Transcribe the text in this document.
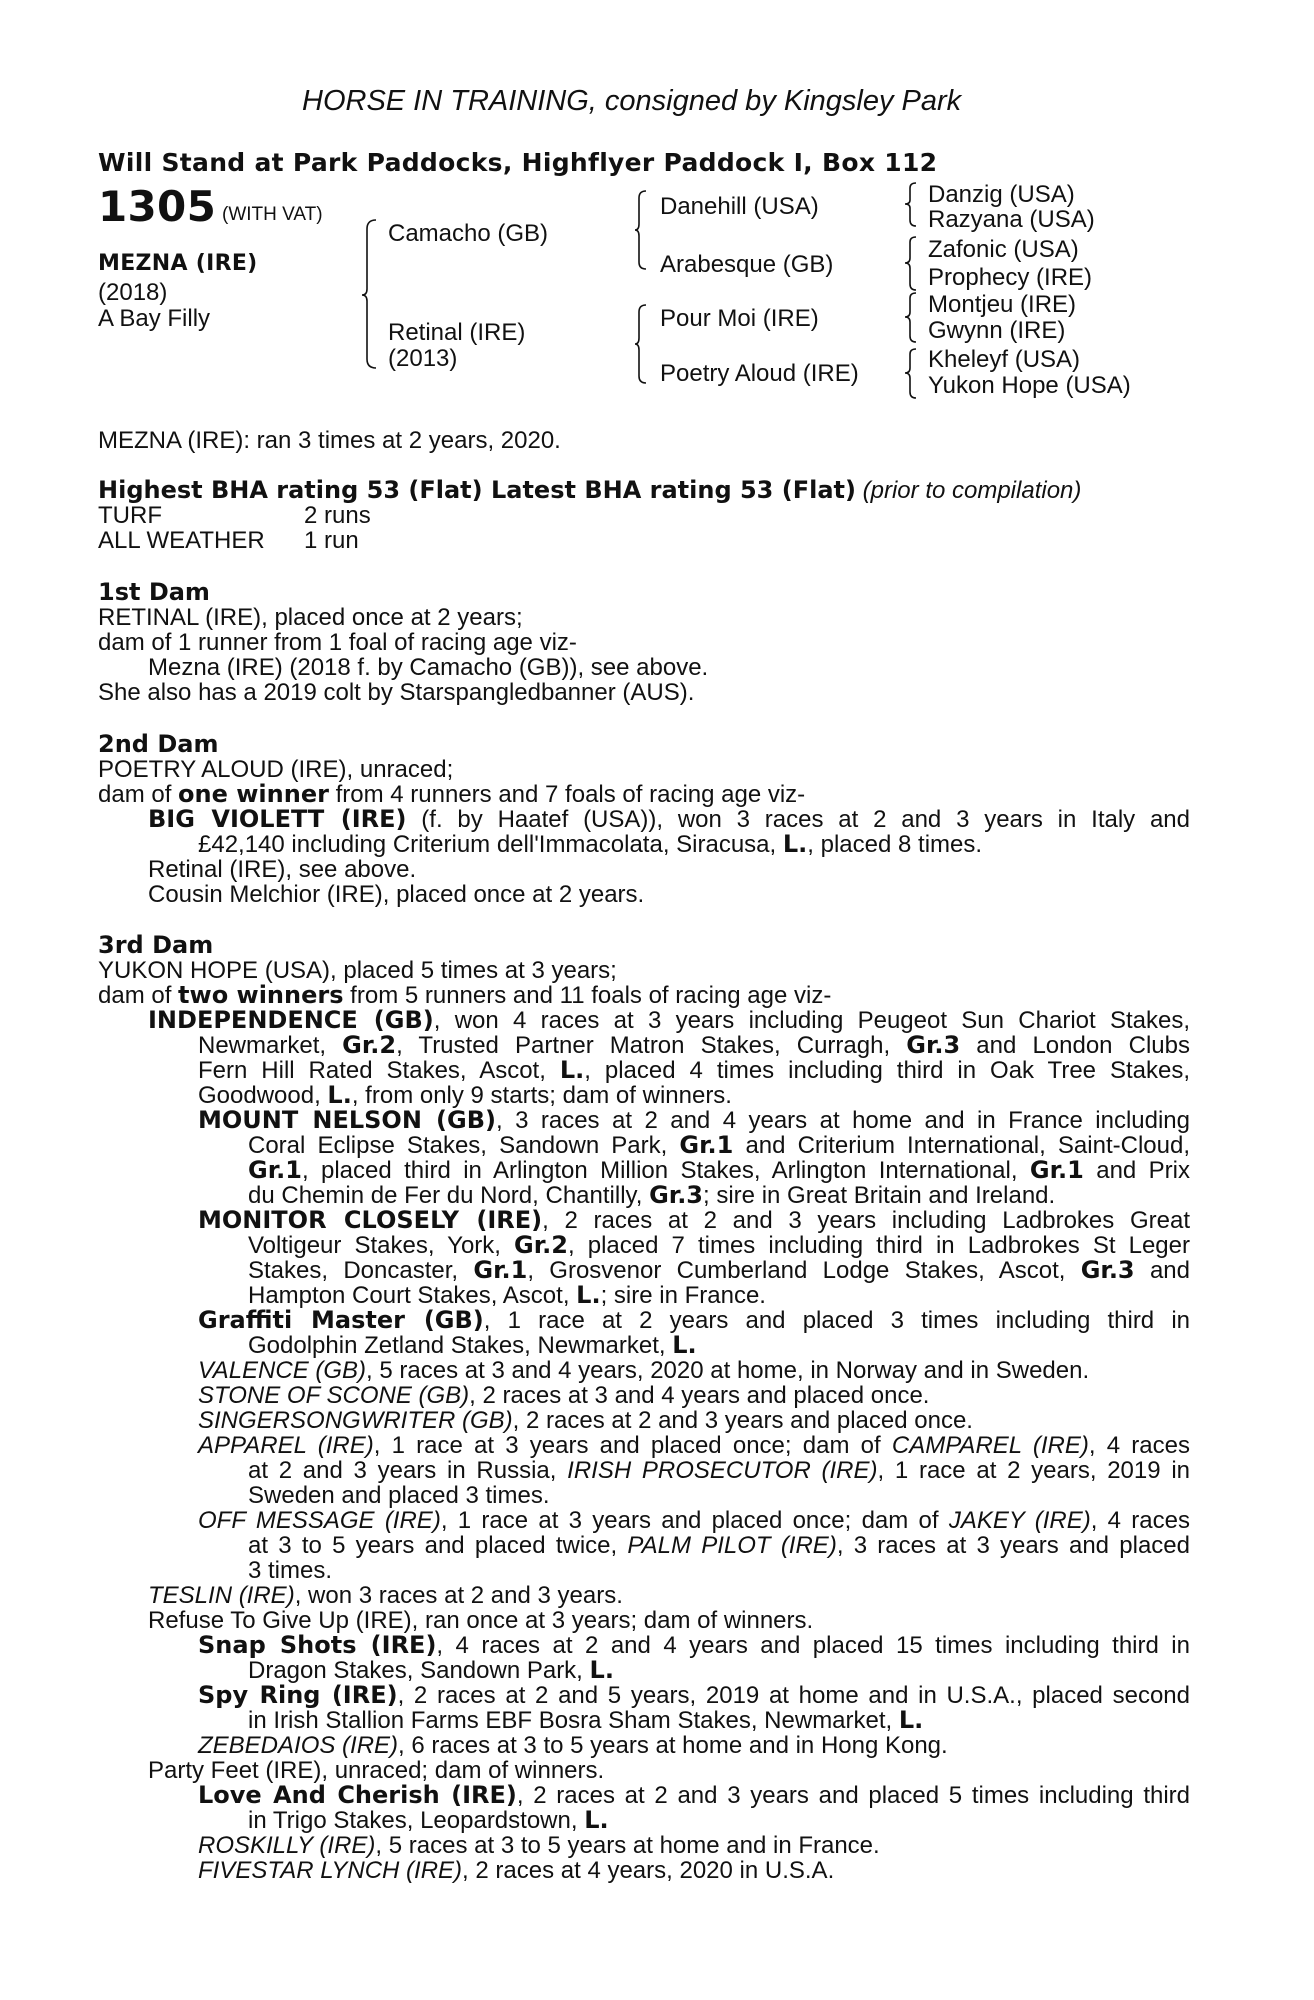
HORSE IN TRAINING, consigned by Kingsley Park
Will Stand at Park Paddocks, Highflyer Paddock I, Box 112
1305 (WITH VAT)
MEZNA (IRE)
(2018)
A Bay Filly
Camacho (GB)
Retinal (IRE)
(2013)
Danehill (USA)
Arabesque (GB)
Pour Moi (IRE)
Poetry Aloud (IRE)
Danzig (USA)
Razyana (USA)
Zafonic (USA)
Prophecy (IRE)
Montjeu (IRE)
Gwynn (IRE)
Kheleyf (USA)
Yukon Hope (USA)
MEZNA (IRE): ran 3 times at 2 years, 2020.
Highest BHA rating 53 (Flat) Latest BHA rating 53 (Flat) (prior to compilation)
TURF	2 runs
ALL WEATHER 1 run
1st Dam
RETINAL (IRE), placed once at 2 years;
dam of 1 runner from 1 foal of racing age viz-
Mezna (IRE) (2018 f. by Camacho (GB)), see above.
She also has a 2019 colt by Starspangledbanner (AUS).
2nd Dam
POETRY ALOUD (IRE), unraced;
dam of one winner from 4 runners and 7 foals of racing age viz-
BIG VIOLETT (IRE) (f. by Haatef (USA)), won 3 races at 2 and 3 years in Italy and
£42,140 including Criterium dell'Immacolata, Siracusa, L., placed 8 times.
Retinal (IRE), see above.
Cousin Melchior (IRE), placed once at 2 years.
3rd Dam
YUKON HOPE (USA), placed 5 times at 3 years;
dam of two winners from 5 runners and 11 foals of racing age viz-
INDEPENDENCE (GB), won 4 races at 3 years including Peugeot Sun Chariot Stakes,
Newmarket, Gr.2, Trusted Partner Matron Stakes, Curragh, Gr.3 and London Clubs
Fern Hill Rated Stakes, Ascot, L., placed 4 times including third in Oak Tree Stakes,
Goodwood, L., from only 9 starts; dam of winners.
MOUNT NELSON (GB), 3 races at 2 and 4 years at home and in France including
Coral Eclipse Stakes, Sandown Park, Gr.1 and Criterium International, Saint-Cloud,
Gr.1, placed third in Arlington Million Stakes, Arlington International, Gr.1 and Prix
du Chemin de Fer du Nord, Chantilly, Gr.3; sire in Great Britain and Ireland.
MONITOR CLOSELY (IRE), 2 races at 2 and 3 years including Ladbrokes Great
Voltigeur Stakes, York, Gr.2, placed 7 times including third in Ladbrokes St Leger
Stakes, Doncaster, Gr.1, Grosvenor Cumberland Lodge Stakes, Ascot, Gr.3 and
Hampton Court Stakes, Ascot, L.; sire in France.
Graffiti Master (GB), 1 race at 2 years and placed 3 times including third in
Godolphin Zetland Stakes, Newmarket, L.
VALENCE (GB), 5 races at 3 and 4 years, 2020 at home, in Norway and in Sweden.
STONE OF SCONE (GB), 2 races at 3 and 4 years and placed once.
SINGERSONGWRITER (GB), 2 races at 2 and 3 years and placed once.
APPAREL (IRE), 1 race at 3 years and placed once; dam of CAMPAREL (IRE), 4 races
at 2 and 3 years in Russia, IRISH PROSECUTOR (IRE), 1 race at 2 years, 2019 in
Sweden and placed 3 times.
OFF MESSAGE (IRE), 1 race at 3 years and placed once; dam of JAKEY (IRE), 4 races
at 3 to 5 years and placed twice, PALM PILOT (IRE), 3 races at 3 years and placed
3 times.
TESLIN (IRE), won 3 races at 2 and 3 years.
Refuse To Give Up (IRE), ran once at 3 years; dam of winners.
Snap Shots (IRE), 4 races at 2 and 4 years and placed 15 times including third in
Dragon Stakes, Sandown Park, L.
Spy Ring (IRE), 2 races at 2 and 5 years, 2019 at home and in U.S.A., placed second
in Irish Stallion Farms EBF Bosra Sham Stakes, Newmarket, L.
ZEBEDAIOS (IRE), 6 races at 3 to 5 years at home and in Hong Kong.
Party Feet (IRE), unraced; dam of winners.
Love And Cherish (IRE), 2 races at 2 and 3 years and placed 5 times including third
in Trigo Stakes, Leopardstown, L.
ROSKILLY (IRE), 5 races at 3 to 5 years at home and in France.
FIVESTAR LYNCH (IRE), 2 races at 4 years, 2020 in U.S.A.
